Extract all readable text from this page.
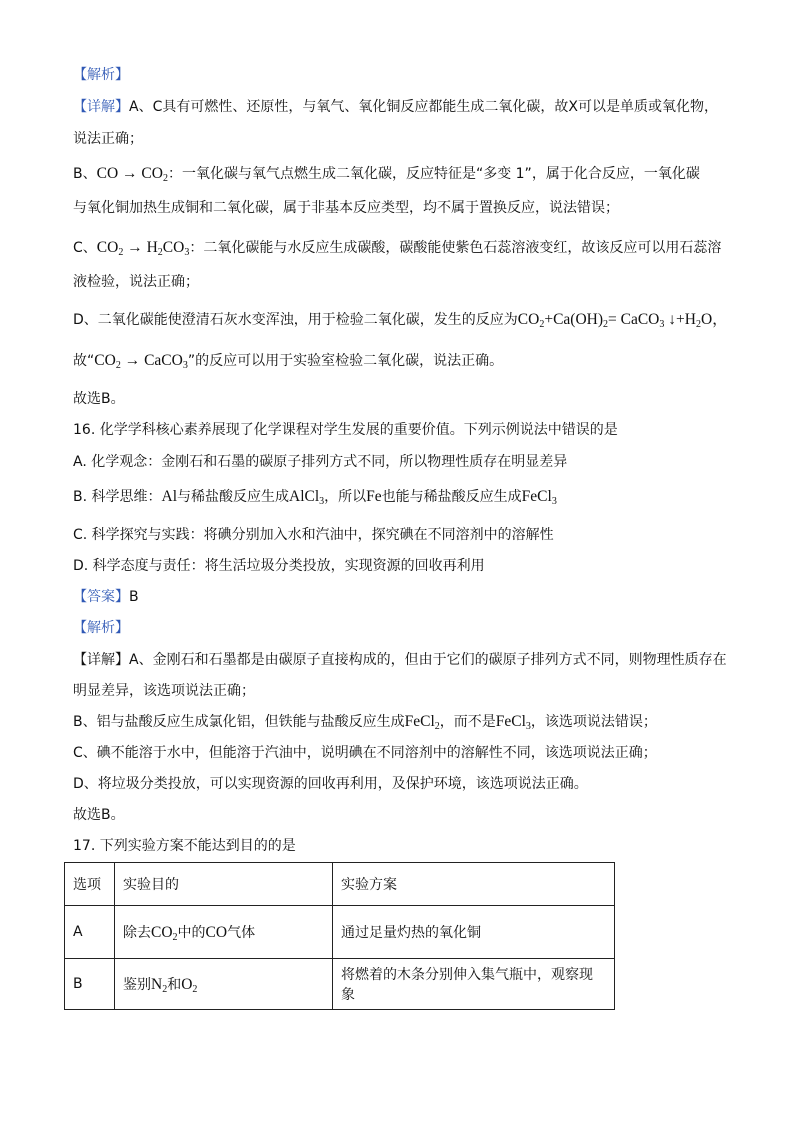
【解析】
【详解】A、C具有可燃性、还原性，与氧气、氧化铜反应都能生成二氧化碳，故X可以是单质或氧化物，
说法正确；
B、CO → $CO_2$：一氧化碳与氧气点燃生成二氧化碳，反应特征是“多变 1”，属于化合反应，一氧化碳
与氧化铜加热生成铜和二氧化碳，属于非基本反应类型，均不属于置换反应，说法错误；
C、$CO_2 \to H_2CO_3$：二氧化碳能与水反应生成碳酸，碳酸能使紫色石蕊溶液变红，故该反应可以用石蕊溶
液检验，说法正确；
D、二氧化碳能使澄清石灰水变浑浊，用于检验二氧化碳，发生的反应为$CO_2+Ca(OH)_2=$ CaCO$_3$ $↓+H_2O$，
故“$CO_2$ → CaCO$_3$”的反应可以用于实验室检验二氧化碳，说法正确。
故选B。
16. 化学学科核心素养展现了化学课程对学生发展的重要价值。下列示例说法中错误的是
A. 化学观念：金刚石和石墨的碳原子排列方式不同，所以物理性质存在明显差异
B. 科学思维：Al与稀盐酸反应生成AlCl$_3$，所以Fe也能与稀盐酸反应生成FeCl$_3$
C. 科学探究与实践：将碘分别加入水和汽油中，探究碘在不同溶剂中的溶解性
D. 科学态度与责任：将生活垃圾分类投放，实现资源的回收再利用
【答案】B
【解析】
【详解】A、金刚石和石墨都是由碳原子直接构成的，但由于它们的碳原子排列方式不同，则物理性质存在
明显差异，该选项说法正确；
B、铝与盐酸反应生成氯化铝，但铁能与盐酸反应生成FeCl$_2$，而不是FeCl$_3$，该选项说法错误；
C、碘不能溶于水中，但能溶于汽油中，说明碘在不同溶剂中的溶解性不同，该选项说法正确；
D、将垃圾分类投放，可以实现资源的回收再利用，及保护环境，该选项说法正确。
故选B。
17. 下列实验方案不能达到目的的是
选项	实验目的	实验方案
A	除去$CO_2$中的CO气体	通过足量灼热的氧化铜
B	鉴别$N_2$和$O_2$	将燃着的木条分别伸入集气瓶中，观察现象
